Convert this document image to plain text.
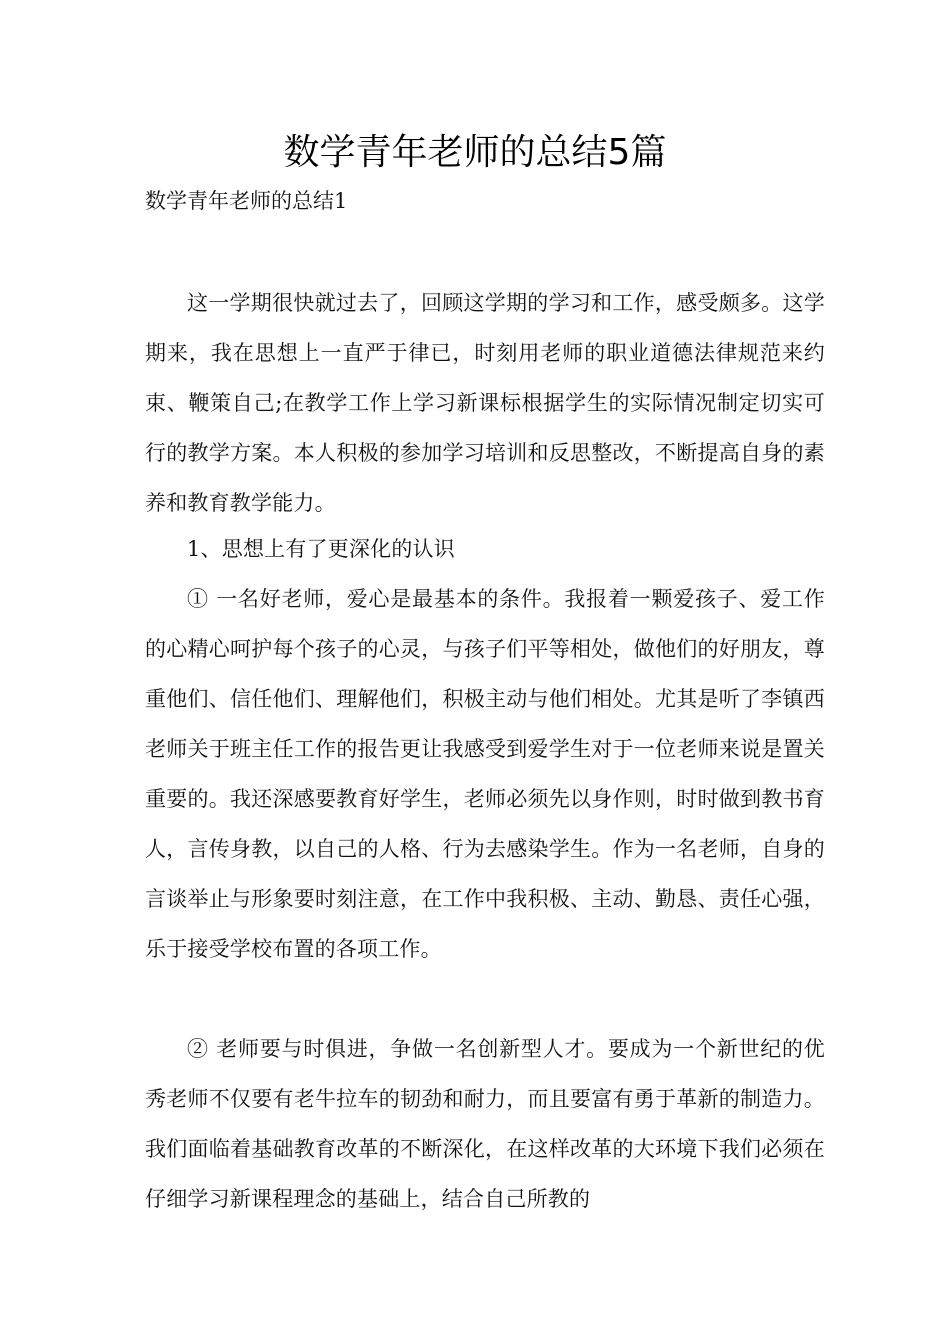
数学青年老师的总结5篇

数学青年老师的总结1

这一学期很快就过去了，回顾这学期的学习和工作，感受颇多。这学期来，我在思想上一直严于律已，时刻用老师的职业道德法律规范来约束、鞭策自己;在教学工作上学习新课标根据学生的实际情况制定切实可行的教学方案。本人积极的参加学习培训和反思整改，不断提高自身的素养和教育教学能力。

1、思想上有了更深化的认识

① 一名好老师，爱心是最基本的条件。我报着一颗爱孩子、爱工作的心精心呵护每个孩子的心灵，与孩子们平等相处，做他们的好朋友，尊重他们、信任他们、理解他们，积极主动与他们相处。尤其是听了李镇西老师关于班主任工作的报告更让我感受到爱学生对于一位老师来说是置关重要的。我还深感要教育好学生，老师必须先以身作则，时时做到教书育人，言传身教，以自己的人格、行为去感染学生。作为一名老师，自身的言谈举止与形象要时刻注意，在工作中我积极、主动、勤恳、责任心强，乐于接受学校布置的各项工作。

② 老师要与时俱进，争做一名创新型人才。要成为一个新世纪的优秀老师不仅要有老牛拉车的韧劲和耐力，而且要富有勇于革新的制造力。我们面临着基础教育改革的不断深化，在这样改革的大环境下我们必须在仔细学习新课程理念的基础上，结合自己所教的
